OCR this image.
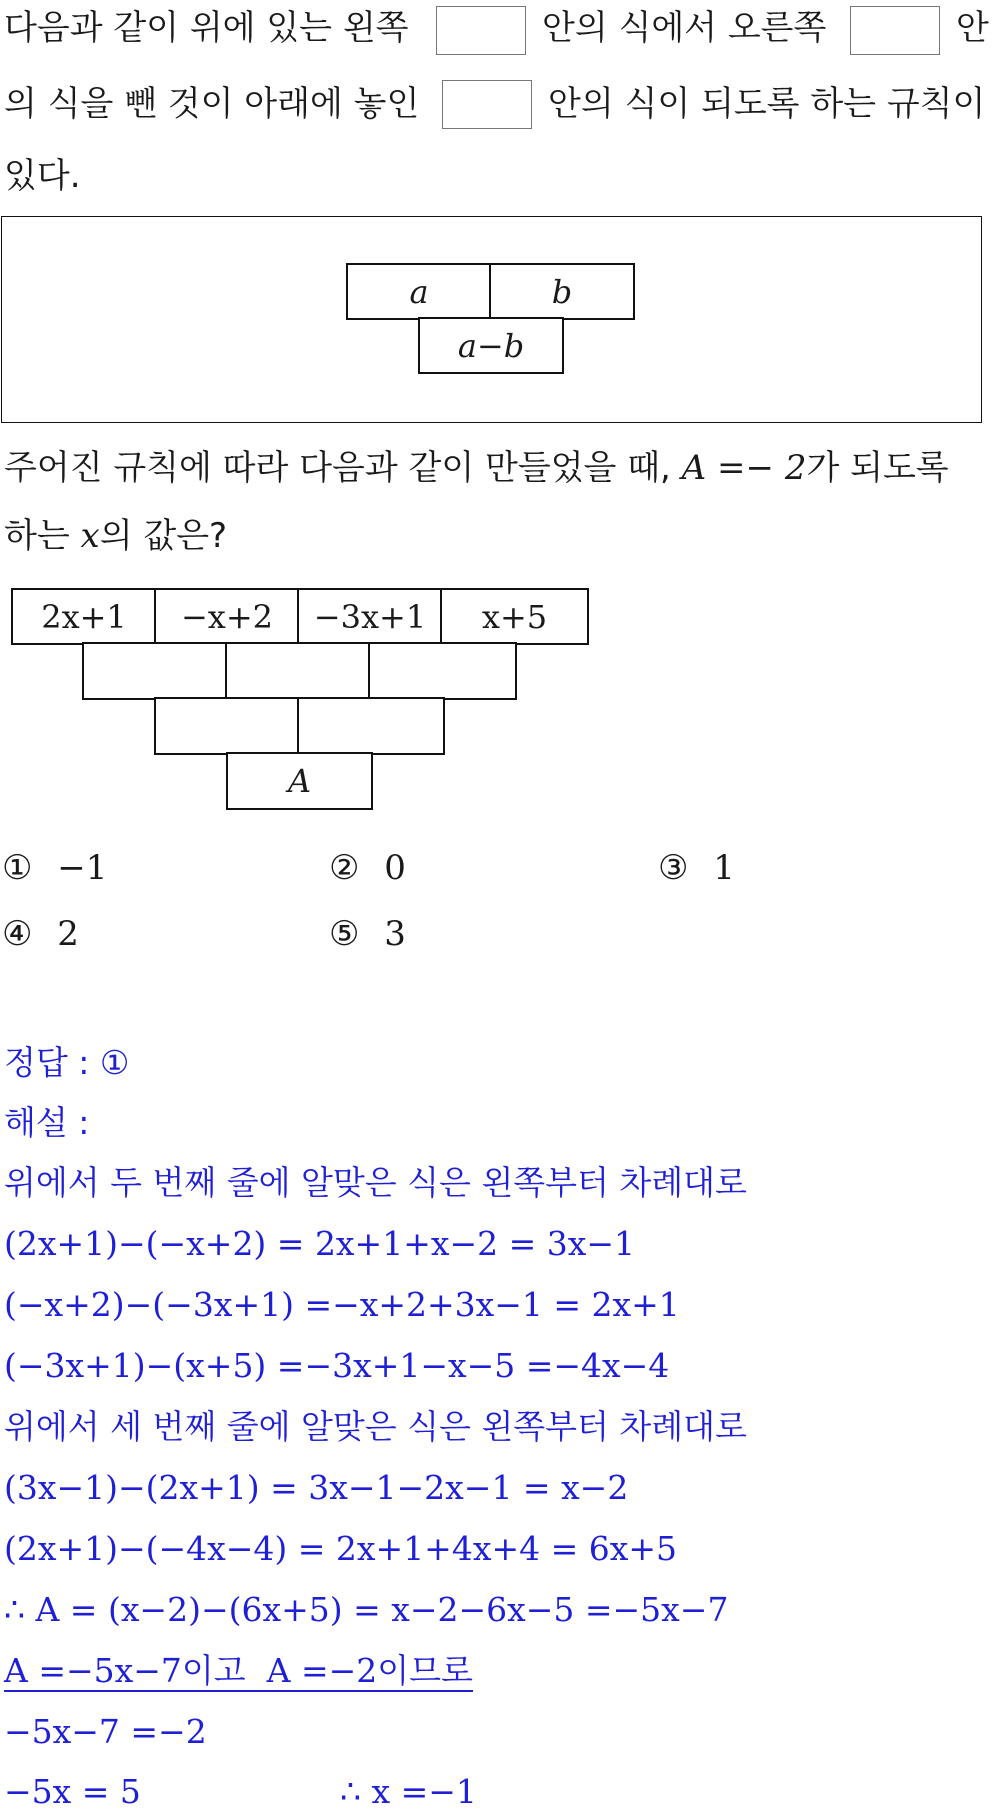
다음과 같이 위에 있는 왼쪽	안의 식에서 오른쪽	안
의 식을 뺀 것이 아래에 놓인	안의 식이 되도록 하는 규칙이
있다.
a	b
a−b
주어진 규칙에 따라 다음과 같이 만들었을 때, A =− 2가 되도록
하는 x의 값은?
2x+1 −x+2 −3x+1 x+5
A
① −1	② 0	③ 1
④ 2	⑤ 3
정답 : ①
해설 :
위에서 두 번째 줄에 알맞은 식은 왼쪽부터 차례대로
(2x+1)−(−x+2) = 2x+1+x−2 = 3x−1
(−x+2)−(−3x+1) =−x+2+3x−1 = 2x+1
(−3x+1)−(x+5) =−3x+1−x−5 =−4x−4
위에서 세 번째 줄에 알맞은 식은 왼쪽부터 차례대로
(3x−1)−(2x+1) = 3x−1−2x−1 = x−2
(2x+1)−(−4x−4) = 2x+1+4x+4 = 6x+5
∴ A = (x−2)−(6x+5) = x−2−6x−5 =−5x−7
A =−5x−7이고 A =−2이므로
−5x−7 =−2
−5x = 5	∴ x =−1
